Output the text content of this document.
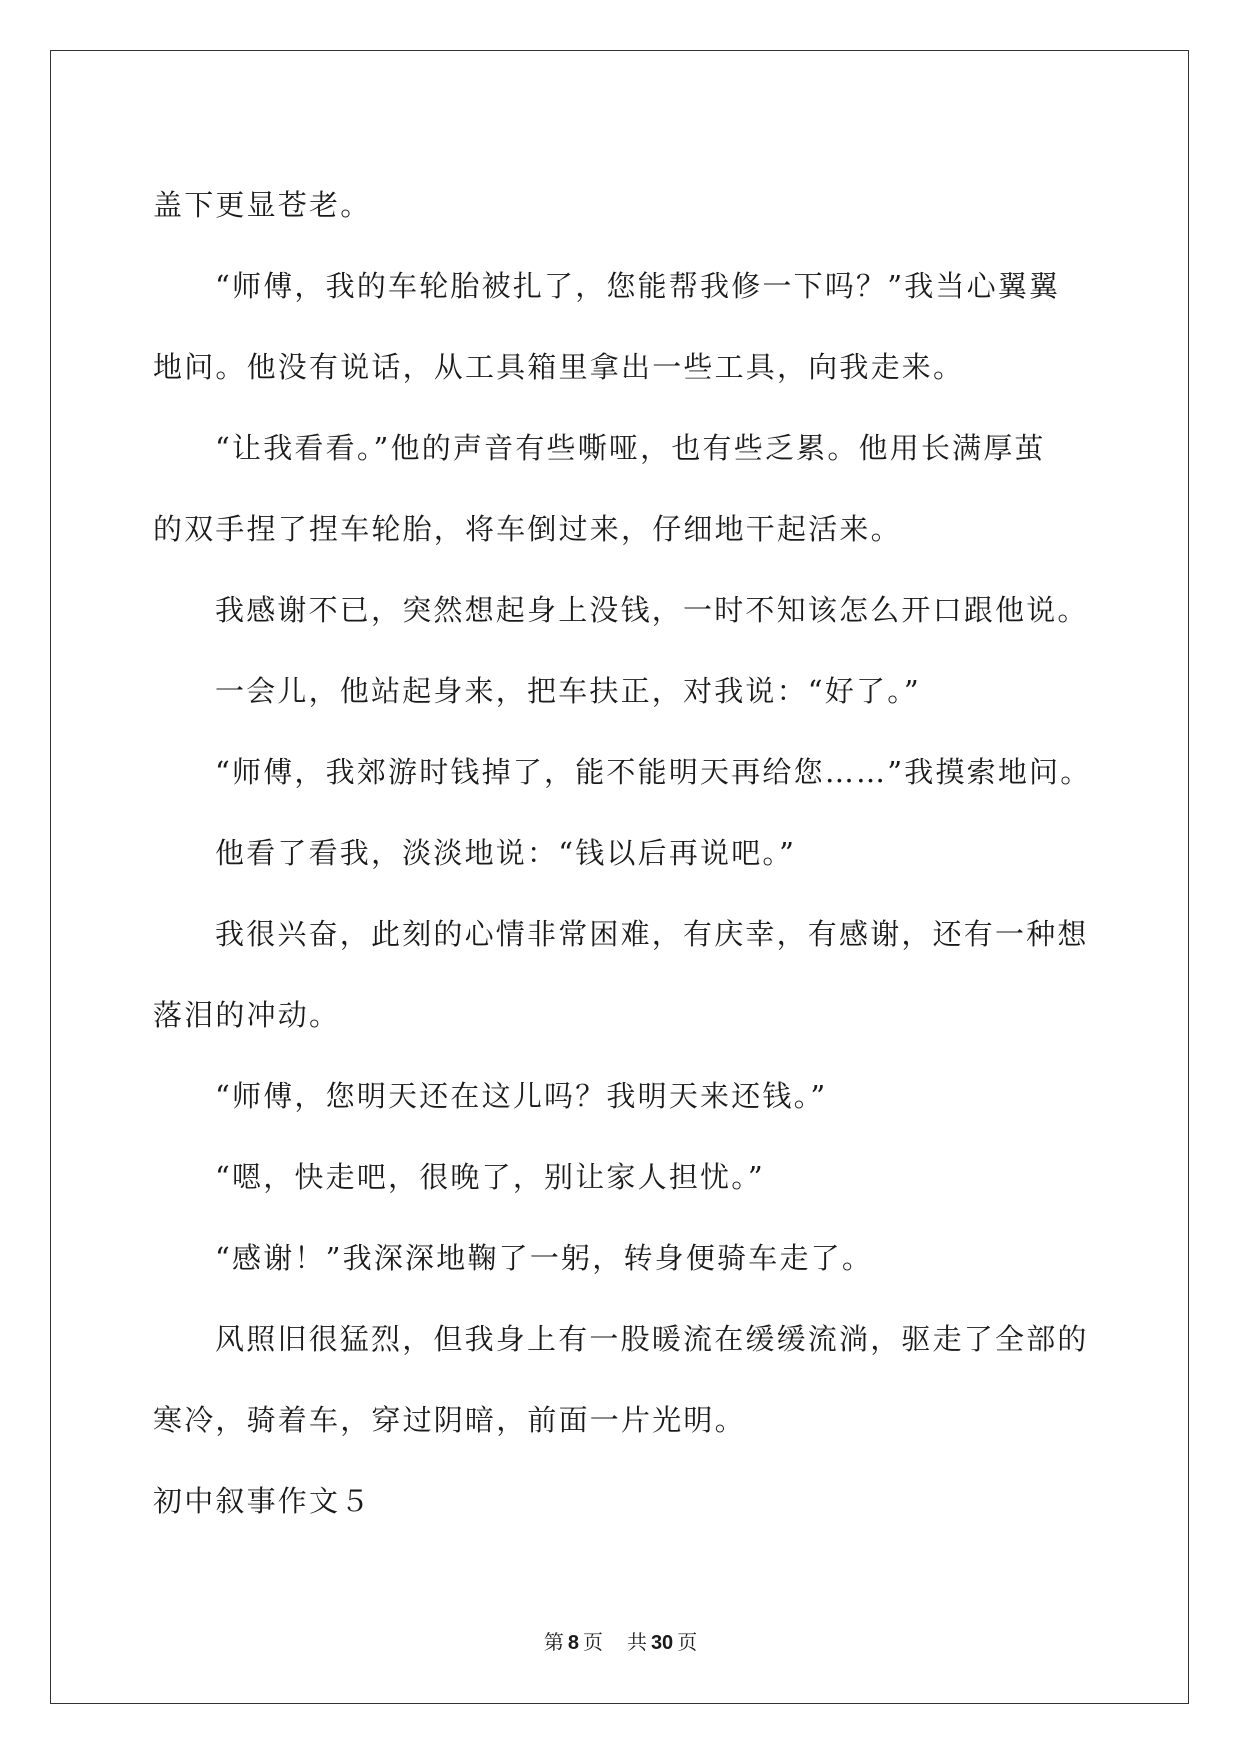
盖下更显苍老。

“师傅，我的车轮胎被扎了，您能帮我修一下吗？”我当心翼翼

地问。他没有说话，从工具箱里拿出一些工具，向我走来。

“让我看看。”他的声音有些嘶哑，也有些乏累。他用长满厚茧

的双手捏了捏车轮胎，将车倒过来，仔细地干起活来。

我感谢不已，突然想起身上没钱，一时不知该怎么开口跟他说。

一会儿，他站起身来，把车扶正，对我说：“好了。”

“师傅，我郊游时钱掉了，能不能明天再给您……”我摸索地问。

他看了看我，淡淡地说：“钱以后再说吧。”

我很兴奋，此刻的心情非常困难，有庆幸，有感谢，还有一种想

落泪的冲动。

“师傅，您明天还在这儿吗？我明天来还钱。”

“嗯，快走吧，很晚了，别让家人担忧。”

“感谢！”我深深地鞠了一躬，转身便骑车走了。

风照旧很猛烈，但我身上有一股暖流在缓缓流淌，驱走了全部的

寒冷，骑着车，穿过阴暗，前面一片光明。

初中叙事作文５

第 8 页 共 30 页
